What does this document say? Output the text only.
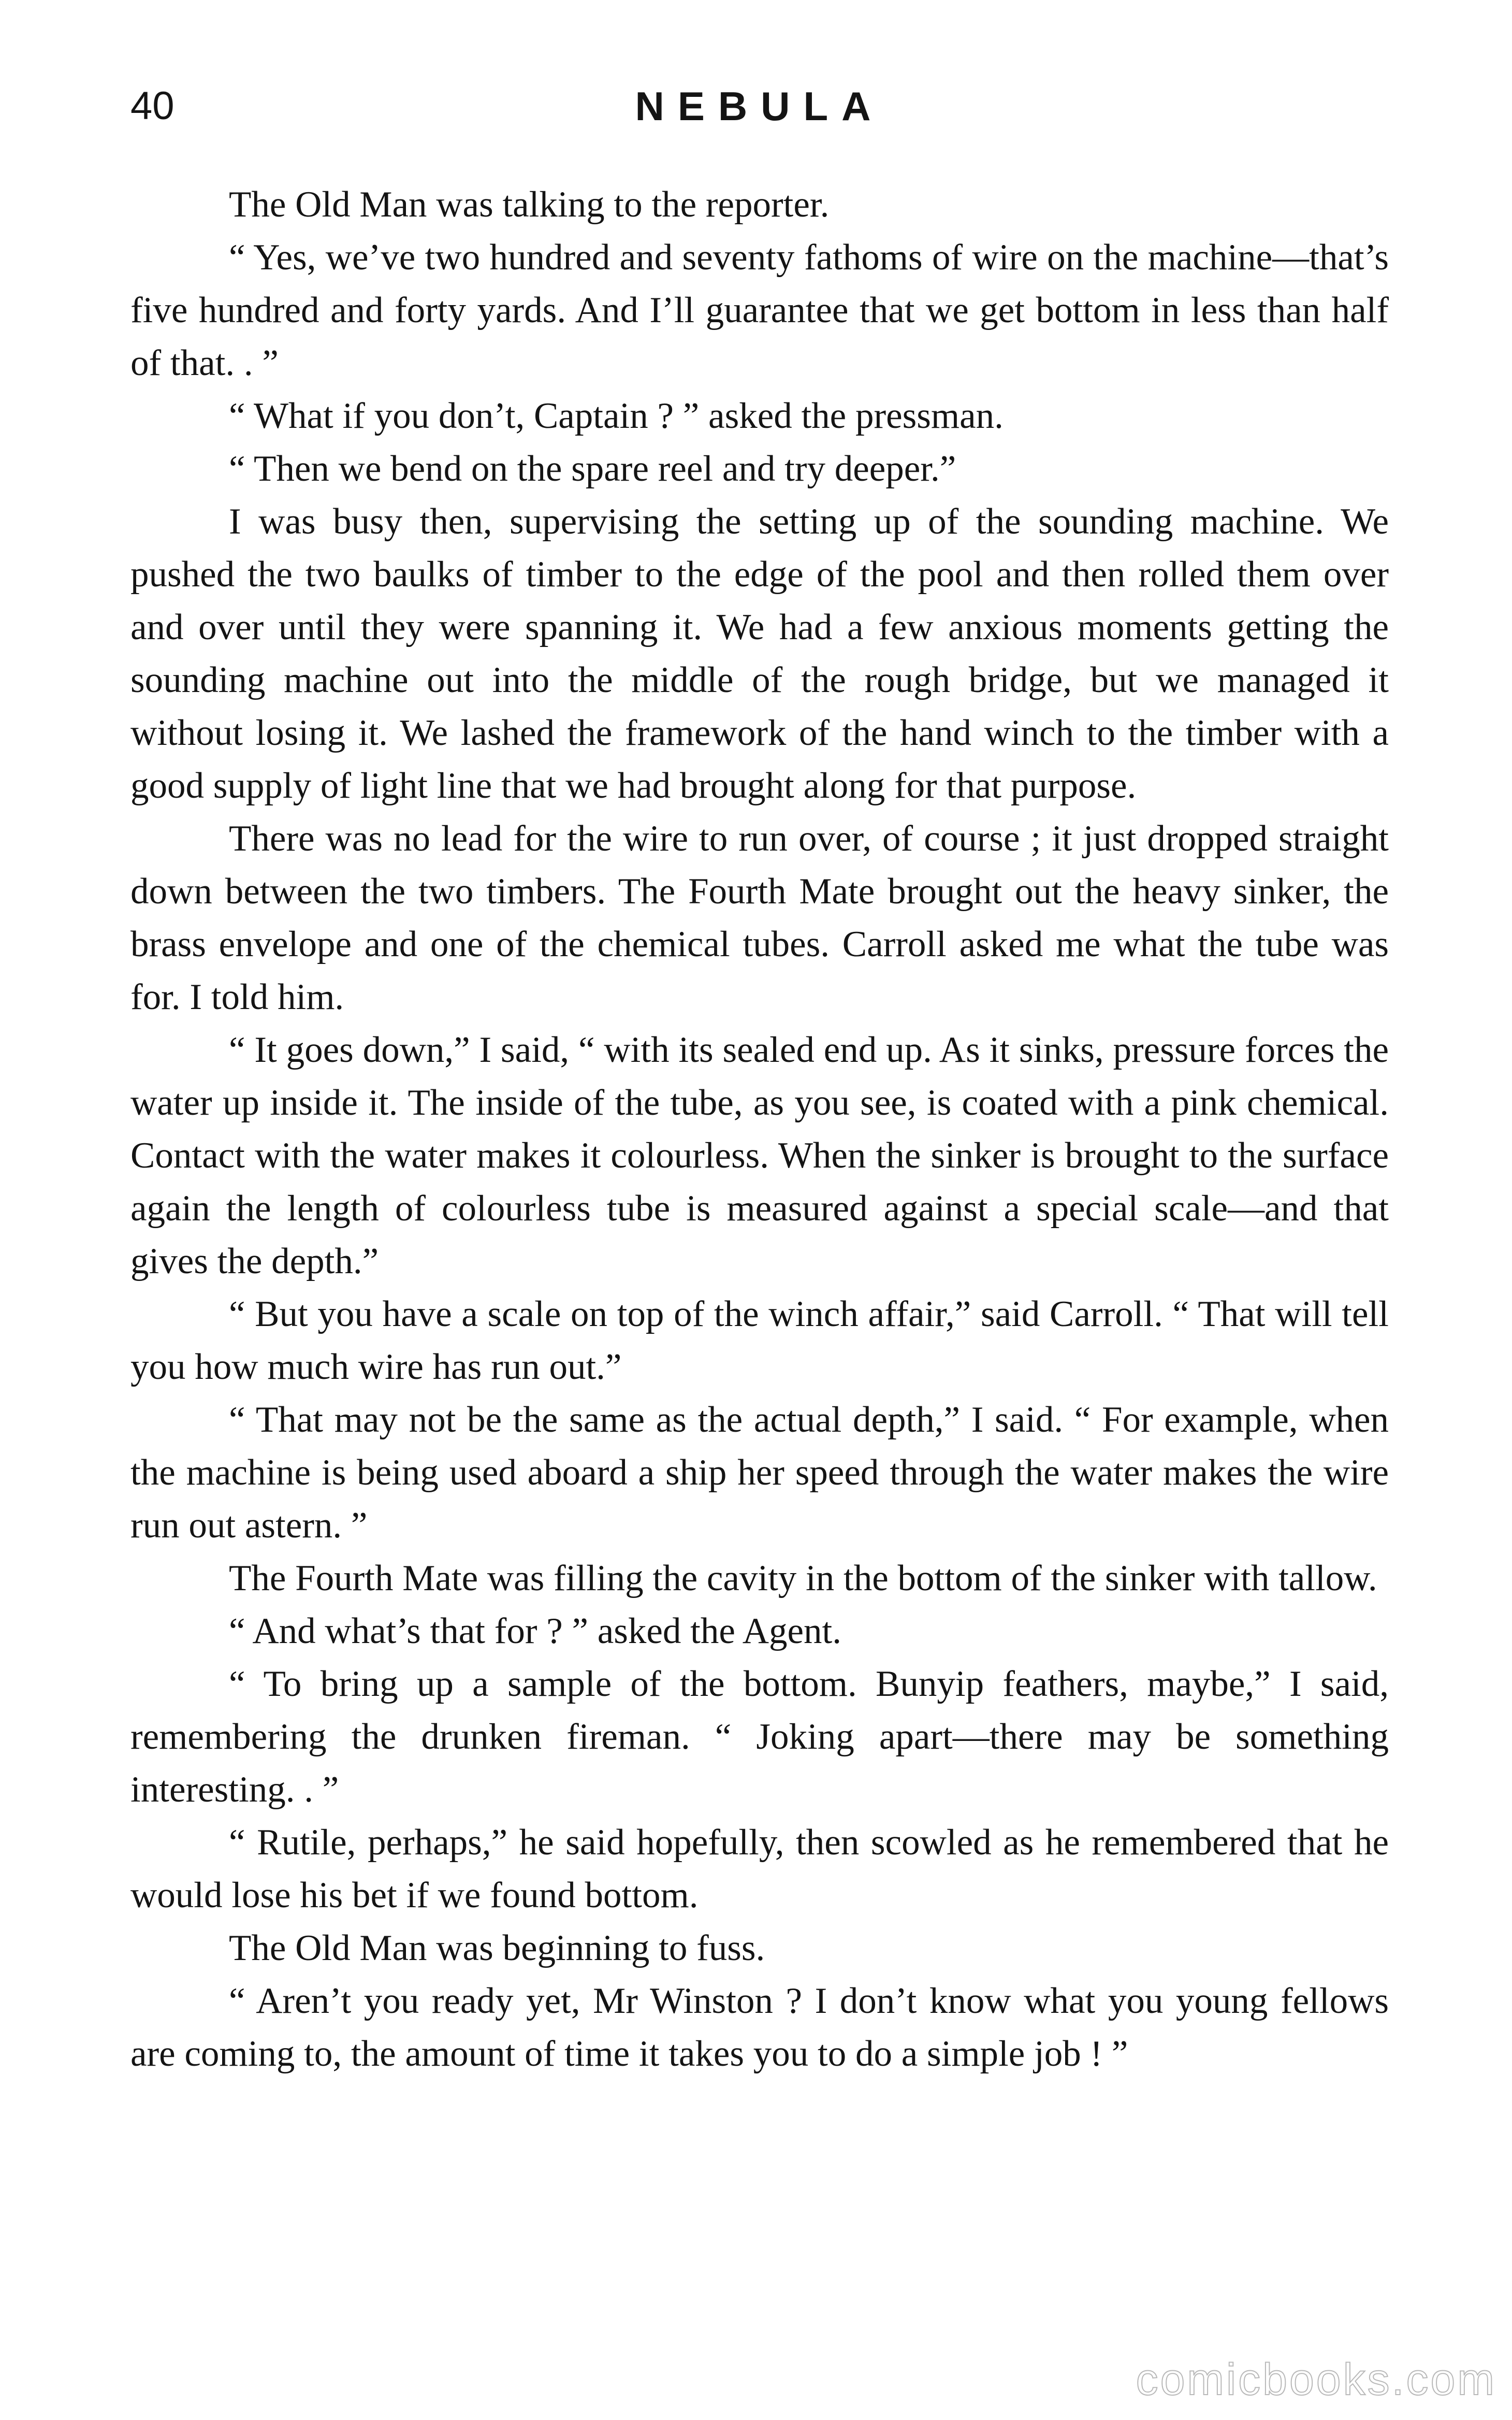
40	NEBULA

The Old Man was talking to the reporter.

“ Yes, we’ve two hundred and seventy fathoms of wire on the machine—that’s five hundred and forty yards. And I’ll guarantee that we get bottom in less than half of that. . ”

“ What if you don’t, Captain ? ” asked the pressman.

“ Then we bend on the spare reel and try deeper.”

I was busy then, supervising the setting up of the sounding machine. We pushed the two baulks of timber to the edge of the pool and then rolled them over and over until they were spanning it. We had a few anxious moments getting the sounding machine out into the middle of the rough bridge, but we managed it without losing it. We lashed the framework of the hand winch to the timber with a good supply of light line that we had brought along for that purpose.

There was no lead for the wire to run over, of course ; it just dropped straight down between the two timbers. The Fourth Mate brought out the heavy sinker, the brass envelope and one of the chemical tubes. Carroll asked me what the tube was for. I told him.

“ It goes down,” I said, “ with its sealed end up. As it sinks, pressure forces the water up inside it. The inside of the tube, as you see, is coated with a pink chemical. Contact with the water makes it colourless. When the sinker is brought to the surface again the length of colourless tube is measured against a special scale—and that gives the depth.”

“ But you have a scale on top of the winch affair,” said Carroll. “ That will tell you how much wire has run out.”

“ That may not be the same as the actual depth,” I said. “ For example, when the machine is being used aboard a ship her speed through the water makes the wire run out astern. ”

The Fourth Mate was filling the cavity in the bottom of the sinker with tallow.

“ And what’s that for ? ” asked the Agent.

“ To bring up a sample of the bottom. Bunyip feathers, maybe,” I said, remembering the drunken fireman. “ Joking apart—there may be something interesting. . ”

“ Rutile, perhaps,” he said hopefully, then scowled as he remembered that he would lose his bet if we found bottom.

The Old Man was beginning to fuss.

“ Aren’t you ready yet, Mr Winston ? I don’t know what you young fellows are coming to, the amount of time it takes you to do a simple job ! ”

comicbooks.com
